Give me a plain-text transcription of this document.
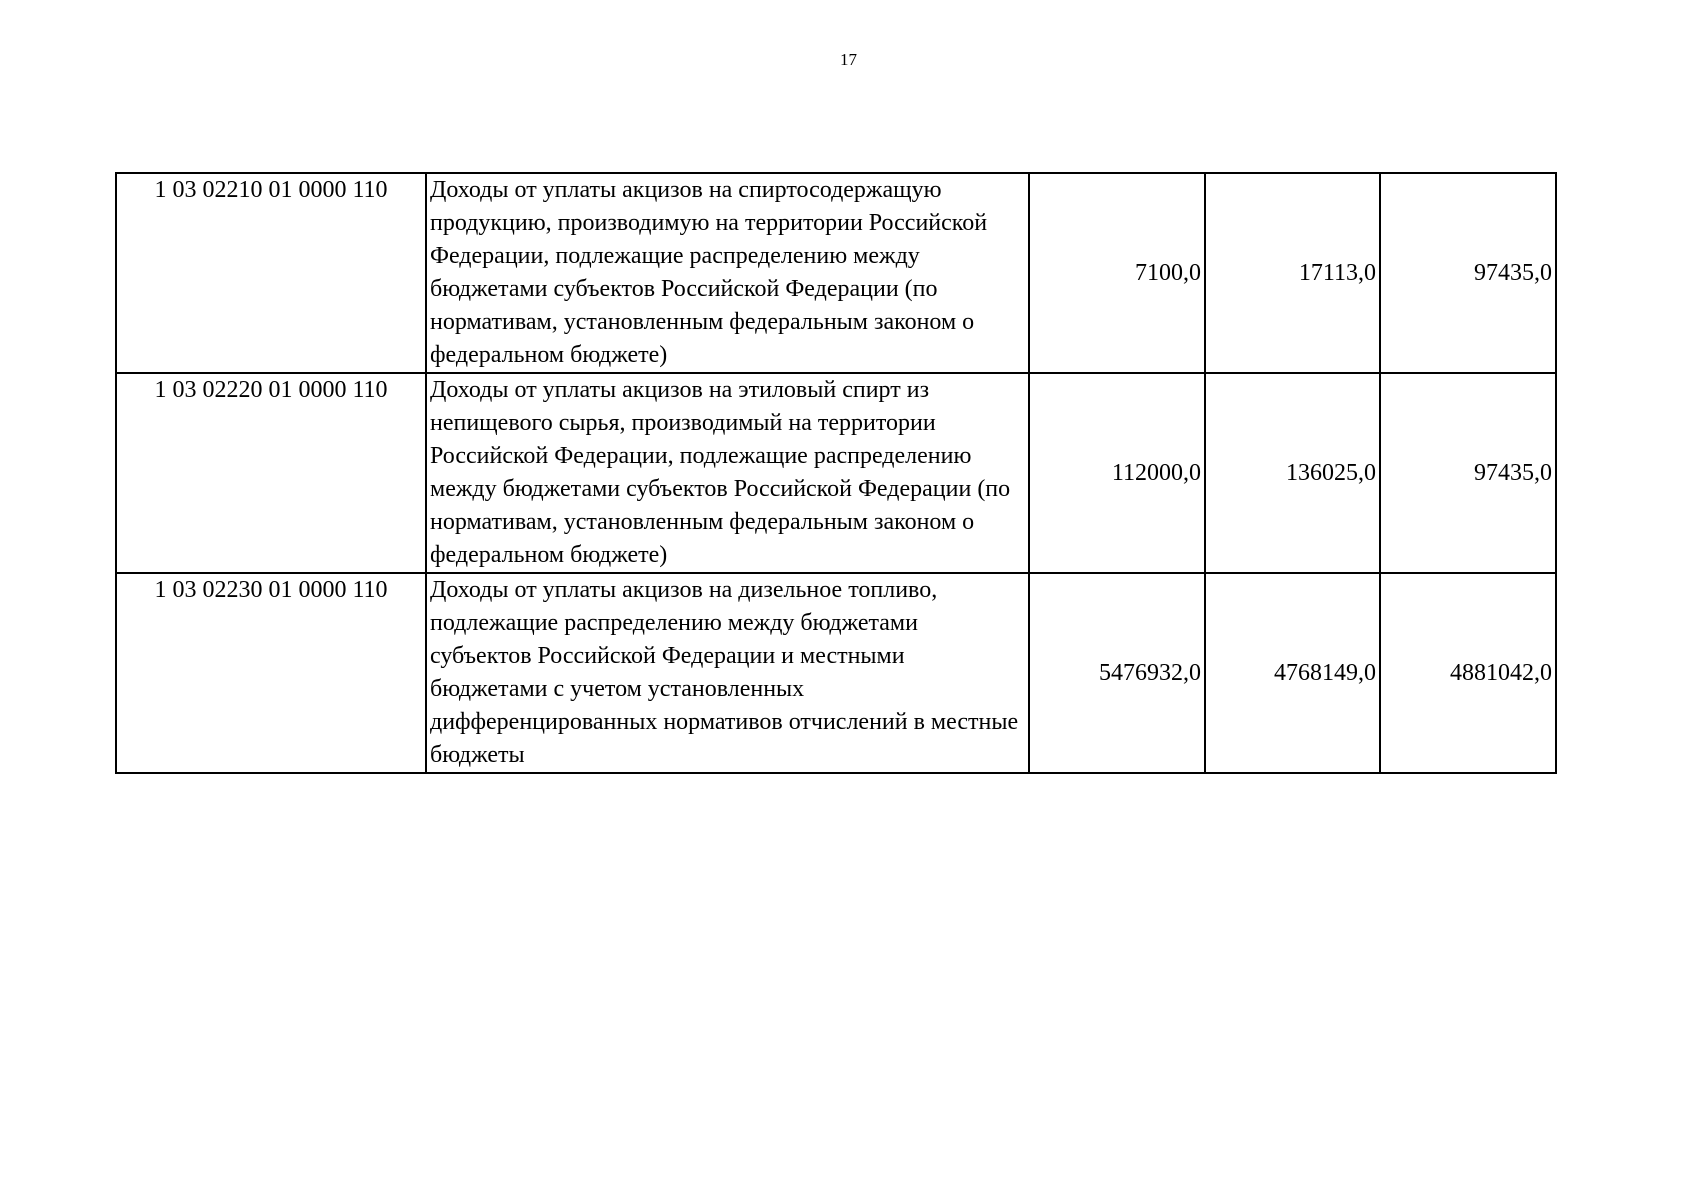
17
1 03 02210 01 0000 110	Доходы от уплаты акцизов на спиртосодержащую продукцию, производимую на территории Российской Федерации, подлежащие распределению между бюджетами субъектов Российской Федерации (по нормативам, установленным федеральным законом о федеральном бюджете)	7100,0	17113,0	97435,0
1 03 02220 01 0000 110	Доходы от уплаты акцизов на этиловый спирт из непищевого сырья, производимый на территории Российской Федерации, подлежащие распределению между бюджетами субъектов Российской Федерации (по нормативам, установленным федеральным законом о федеральном бюджете)	112000,0	136025,0	97435,0
1 03 02230 01 0000 110	Доходы от уплаты акцизов на дизельное топливо, подлежащие распределению между бюджетами субъектов Российской Федерации и местными бюджетами с учетом установленных дифференцированных нормативов отчислений в местные бюджеты	5476932,0	4768149,0	4881042,0
